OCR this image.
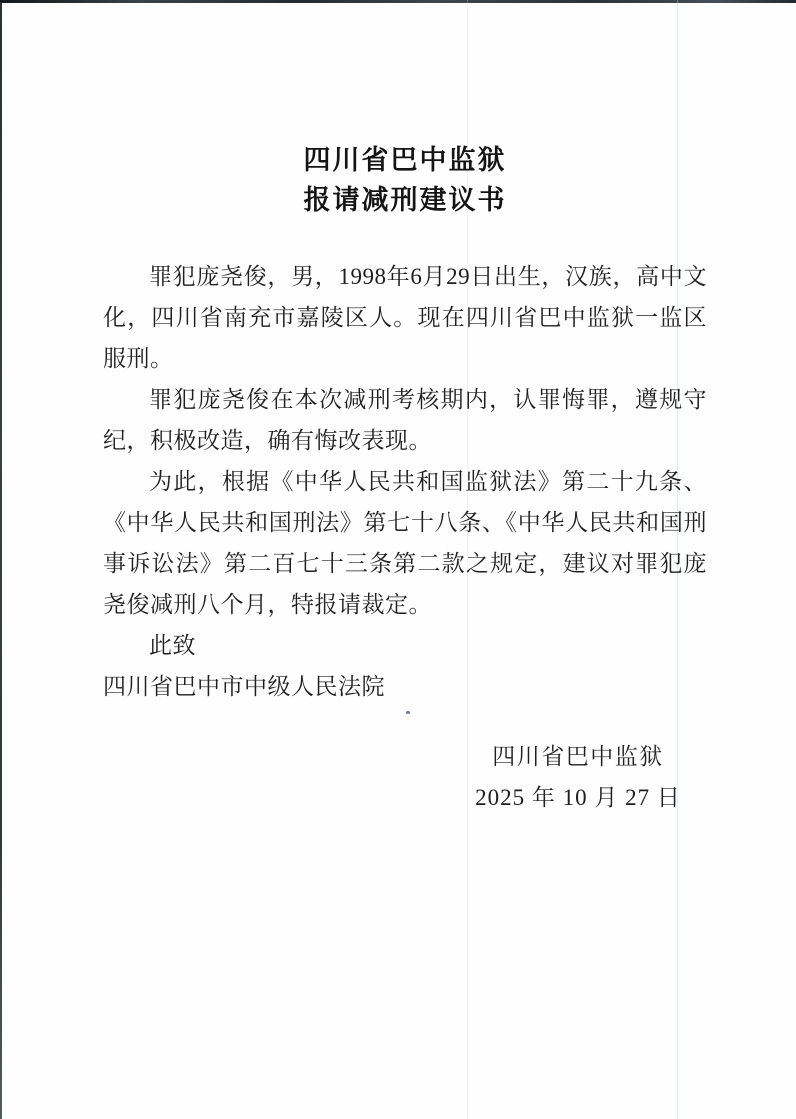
四川省巴中监狱
报请减刑建议书

罪犯庞尧俊，男，1998年6月29日出生，汉族，高中文化，四川省南充市嘉陵区人。现在四川省巴中监狱一监区服刑。

罪犯庞尧俊在本次减刑考核期内，认罪悔罪，遵规守纪，积极改造，确有悔改表现。

为此，根据《中华人民共和国监狱法》第二十九条、《中华人民共和国刑法》第七十八条、《中华人民共和国刑事诉讼法》第二百七十三条第二款之规定，建议对罪犯庞尧俊减刑八个月，特报请裁定。

此致

四川省巴中市中级人民法院

四川省巴中监狱

2025 年 10 月 27 日
